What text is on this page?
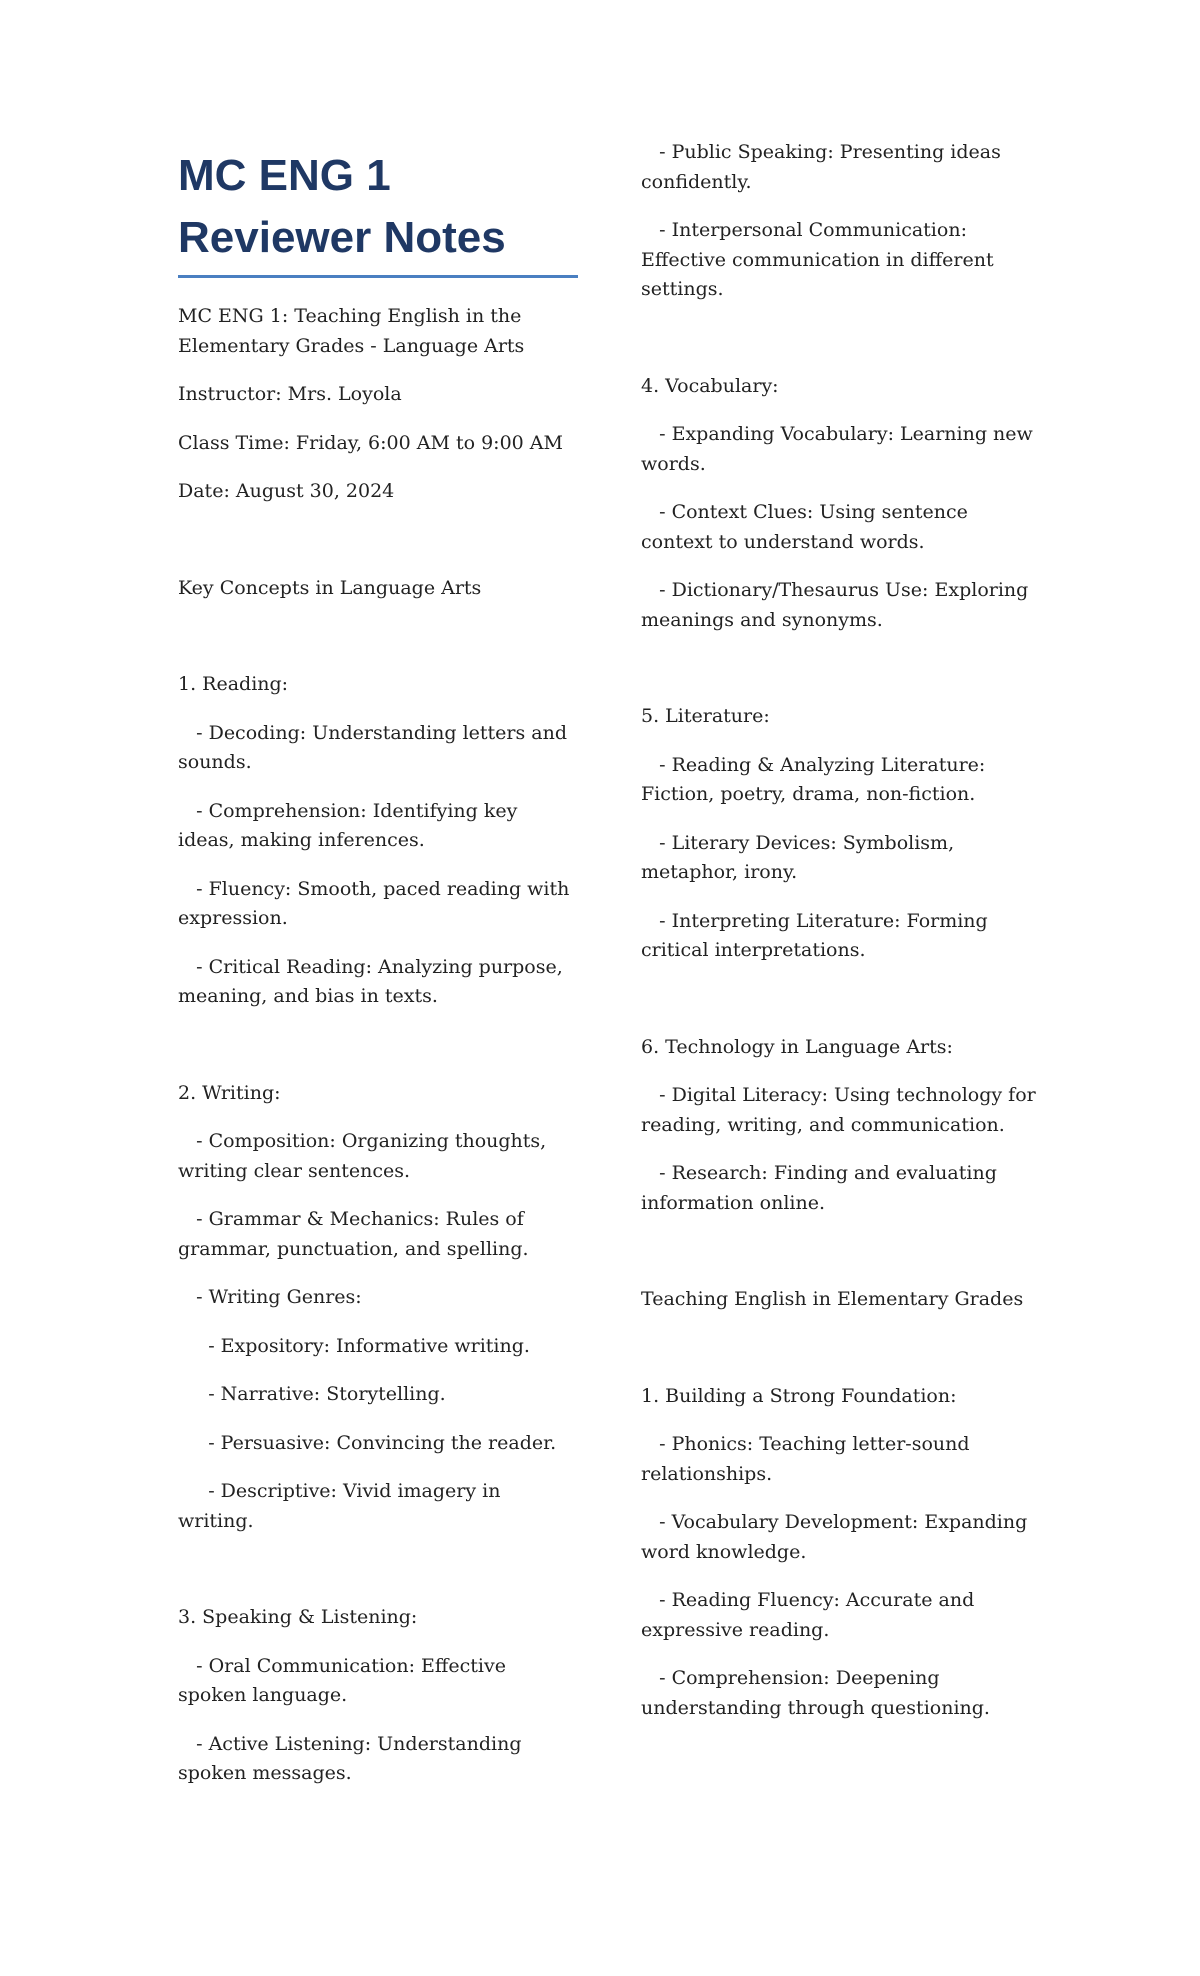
MC ENG 1 Reviewer Notes

MC ENG 1: Teaching English in the Elementary Grades - Language Arts

Instructor: Mrs. Loyola

Class Time: Friday, 6:00 AM to 9:00 AM

Date: August 30, 2024

Key Concepts in Language Arts

1. Reading:

- Decoding: Understanding letters and sounds.

- Comprehension: Identifying key ideas, making inferences.

- Fluency: Smooth, paced reading with expression.

- Critical Reading: Analyzing purpose, meaning, and bias in texts.

2. Writing:

- Composition: Organizing thoughts, writing clear sentences.

- Grammar & Mechanics: Rules of grammar, punctuation, and spelling.

- Writing Genres:

- Expository: Informative writing.

- Narrative: Storytelling.

- Persuasive: Convincing the reader.

- Descriptive: Vivid imagery in writing.

3. Speaking & Listening:

- Oral Communication: Effective spoken language.

- Active Listening: Understanding spoken messages.

- Public Speaking: Presenting ideas confidently.

- Interpersonal Communication: Effective communication in different settings.

4. Vocabulary:

- Expanding Vocabulary: Learning new words.

- Context Clues: Using sentence context to understand words.

- Dictionary/Thesaurus Use: Exploring meanings and synonyms.

5. Literature:

- Reading & Analyzing Literature: Fiction, poetry, drama, non-fiction.

- Literary Devices: Symbolism, metaphor, irony.

- Interpreting Literature: Forming critical interpretations.

6. Technology in Language Arts:

- Digital Literacy: Using technology for reading, writing, and communication.

- Research: Finding and evaluating information online.

Teaching English in Elementary Grades

1. Building a Strong Foundation:

- Phonics: Teaching letter-sound relationships.

- Vocabulary Development: Expanding word knowledge.

- Reading Fluency: Accurate and expressive reading.

- Comprehension: Deepening understanding through questioning.
